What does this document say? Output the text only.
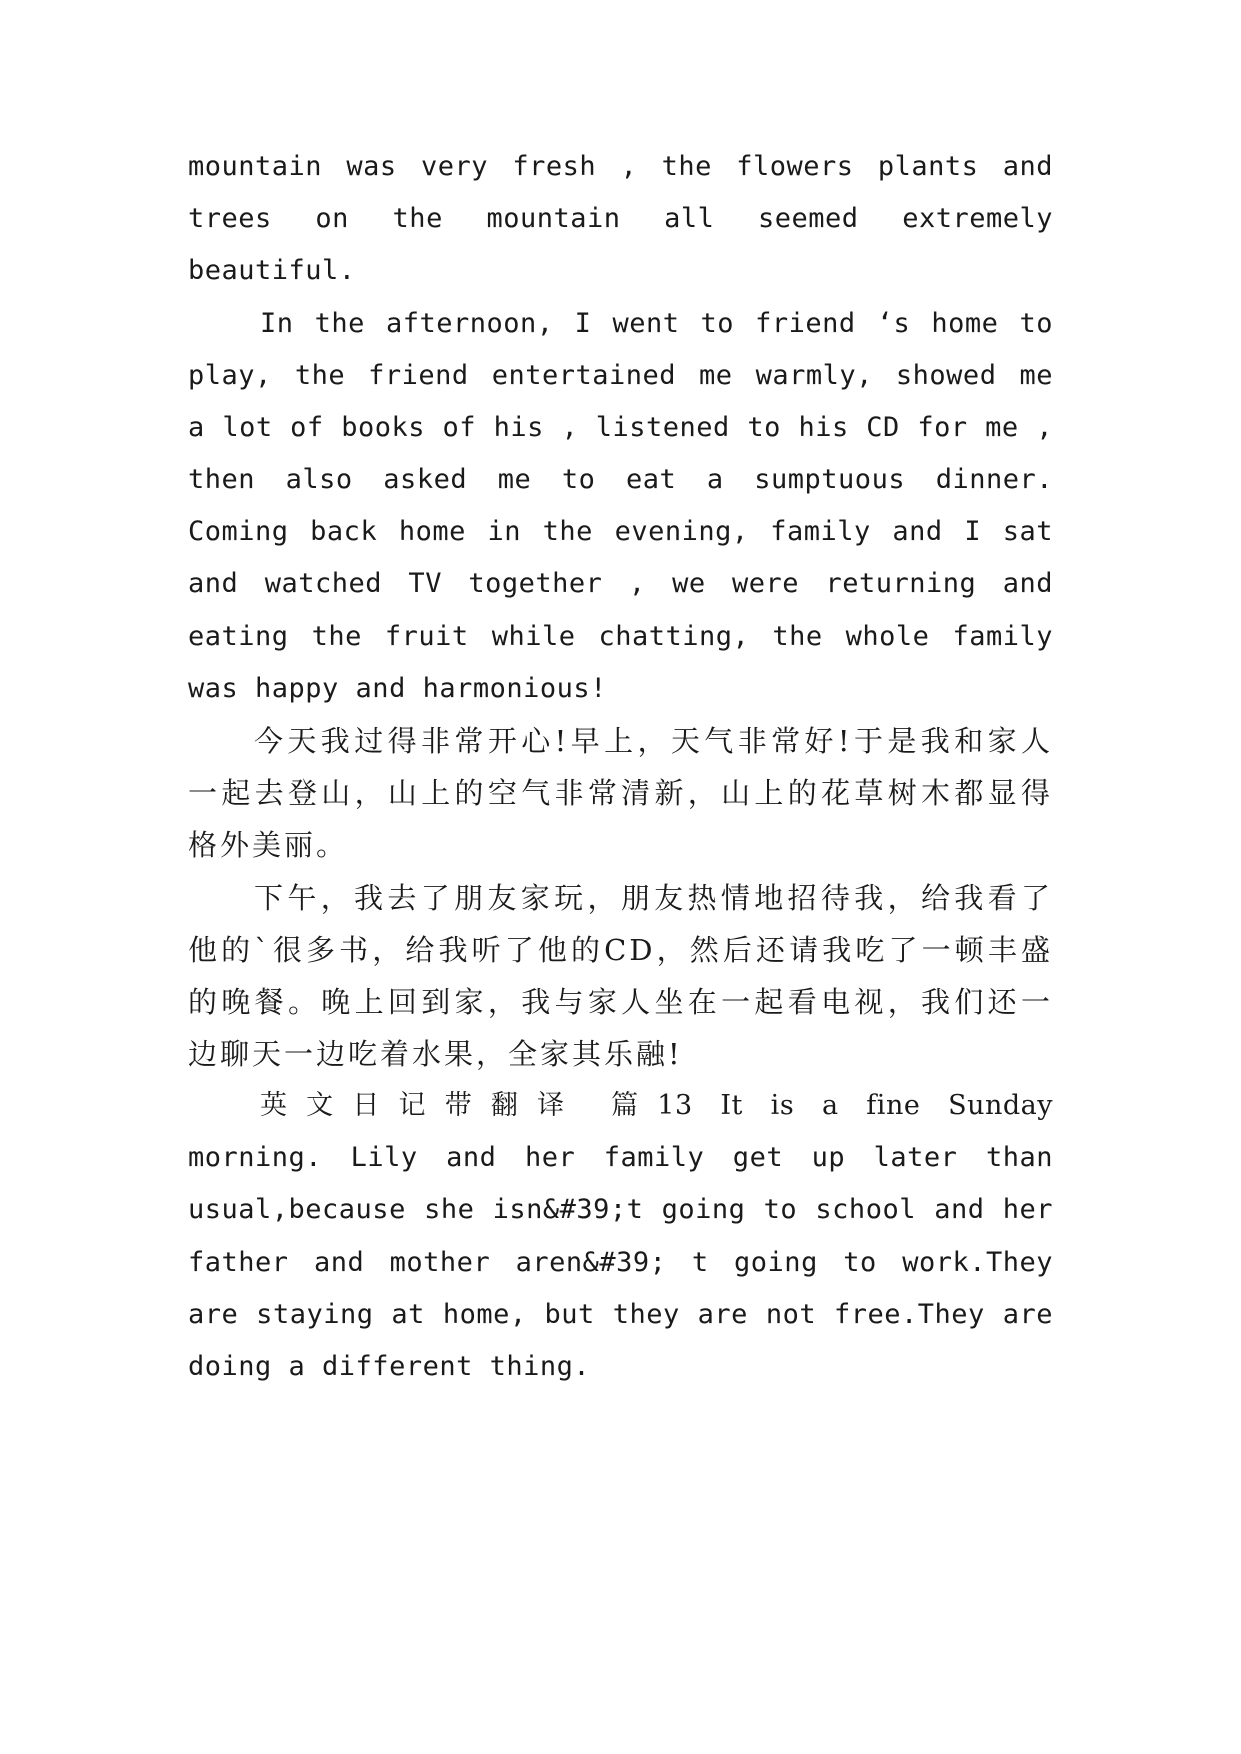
mountain was very fresh , the flowers plants and
trees on the mountain all seemed extremely
beautiful.
In the afternoon, I went to friend ‘s home to
play, the friend entertained me warmly, showed me
a lot of books of his , listened to his CD for me ,
then also asked me to eat a sumptuous dinner.
Coming back home in the evening, family and I sat
and watched TV together , we were returning and
eating the fruit while chatting, the whole family
was happy and harmonious!
今天我过得非常开心!早上，天气非常好!于是我和家人
一起去登山，山上的空气非常清新，山上的花草树木都显得
格外美丽。
下午，我去了朋友家玩，朋友热情地招待我，给我看了
他的`很多书，给我听了他的CD，然后还请我吃了一顿丰盛
的晚餐。晚上回到家，我与家人坐在一起看电视，我们还一
边聊天一边吃着水果，全家其乐融!
英文日记带翻译 篇13 It is a fine Sunday
morning. Lily and her family get up later than
usual,because she isn&#39;t going to school and her
father and mother aren&#39; t going to work.They
are staying at home, but they are not free.They are
doing a different thing.
